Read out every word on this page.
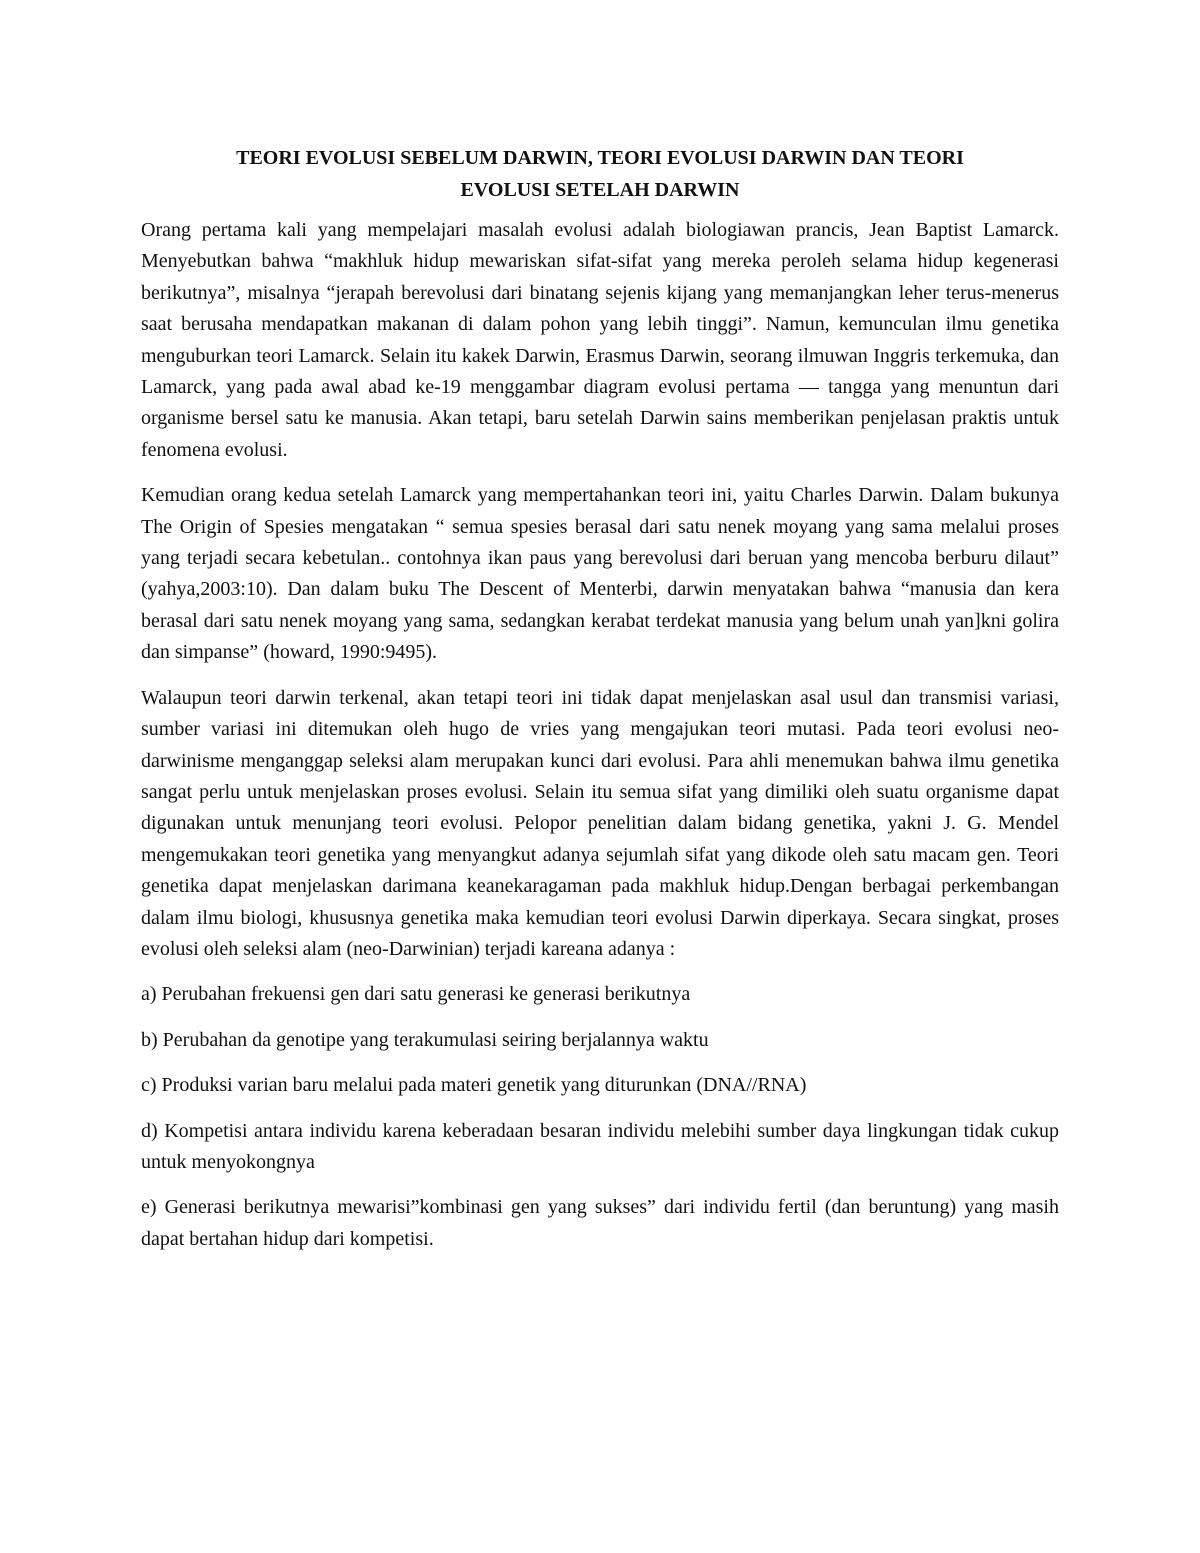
TEORI EVOLUSI SEBELUM DARWIN, TEORI EVOLUSI DARWIN DAN TEORI
EVOLUSI SETELAH DARWIN

Orang pertama kali yang mempelajari masalah evolusi adalah biologiawan prancis, Jean Baptist Lamarck. Menyebutkan bahwa “makhluk hidup mewariskan sifat-sifat yang mereka peroleh selama hidup kegenerasi berikutnya”, misalnya “jerapah berevolusi dari binatang sejenis kijang yang memanjangkan leher terus-menerus saat berusaha mendapatkan makanan di dalam pohon yang lebih tinggi”. Namun, kemunculan ilmu genetika menguburkan teori Lamarck. Selain itu kakek Darwin, Erasmus Darwin, seorang ilmuwan Inggris terkemuka, dan Lamarck, yang pada awal abad ke-19 menggambar diagram evolusi pertama — tangga yang menuntun dari organisme bersel satu ke manusia. Akan tetapi, baru setelah Darwin sains memberikan penjelasan praktis untuk fenomena evolusi.

Kemudian orang kedua setelah Lamarck yang mempertahankan teori ini, yaitu Charles Darwin. Dalam bukunya The Origin of Spesies mengatakan “ semua spesies berasal dari satu nenek moyang yang sama melalui proses yang terjadi secara kebetulan.. contohnya ikan paus yang berevolusi dari beruan yang mencoba berburu dilaut” (yahya,2003:10). Dan dalam buku The Descent of Menterbi, darwin menyatakan bahwa “manusia dan kera berasal dari satu nenek moyang yang sama, sedangkan kerabat terdekat manusia yang belum unah yan]kni golira dan simpanse” (howard, 1990:9495).

Walaupun teori darwin terkenal, akan tetapi teori ini tidak dapat menjelaskan asal usul dan transmisi variasi, sumber variasi ini ditemukan oleh hugo de vries yang mengajukan teori mutasi. Pada teori evolusi neo-darwinisme menganggap seleksi alam merupakan kunci dari evolusi. Para ahli menemukan bahwa ilmu genetika sangat perlu untuk menjelaskan proses evolusi. Selain itu semua sifat yang dimiliki oleh suatu organisme dapat digunakan untuk menunjang teori evolusi. Pelopor penelitian dalam bidang genetika, yakni J. G. Mendel mengemukakan teori genetika yang menyangkut adanya sejumlah sifat yang dikode oleh satu macam gen. Teori genetika dapat menjelaskan darimana keanekaragaman pada makhluk hidup.Dengan berbagai perkembangan dalam ilmu biologi, khususnya genetika maka kemudian teori evolusi Darwin diperkaya. Secara singkat, proses evolusi oleh seleksi alam (neo-Darwinian) terjadi kareana adanya :

a) Perubahan frekuensi gen dari satu generasi ke generasi berikutnya

b) Perubahan da genotipe yang terakumulasi seiring berjalannya waktu

c) Produksi varian baru melalui pada materi genetik yang diturunkan (DNA//RNA)

d) Kompetisi antara individu karena keberadaan besaran individu melebihi sumber daya lingkungan tidak cukup untuk menyokongnya

e) Generasi berikutnya mewarisi”kombinasi gen yang sukses” dari individu fertil (dan beruntung) yang masih dapat bertahan hidup dari kompetisi.
